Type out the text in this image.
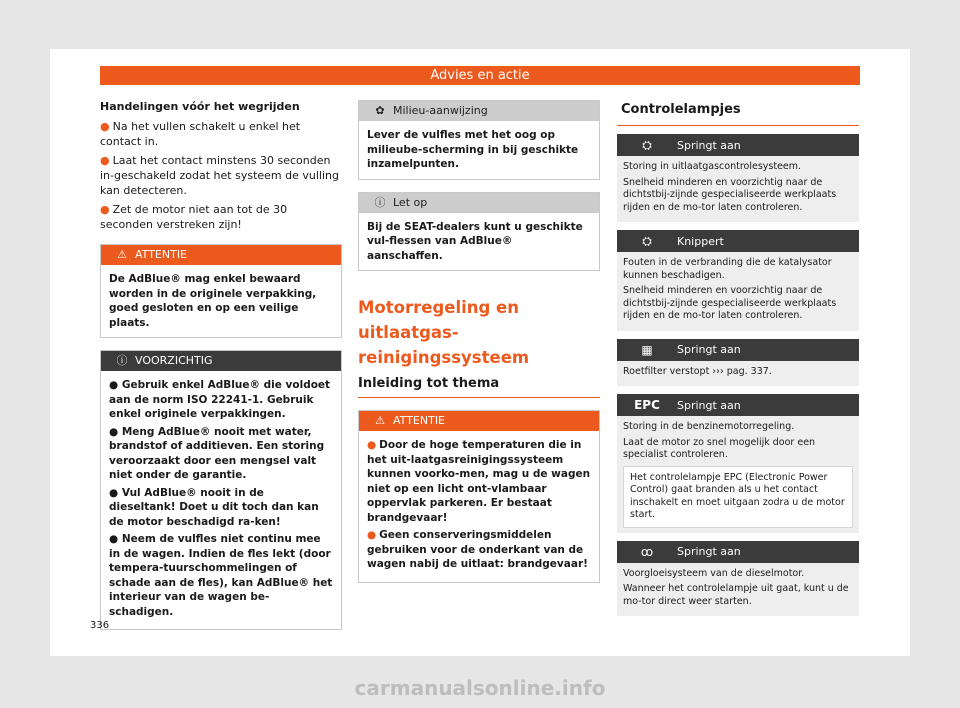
Advies en actie
Handelingen vóór het wegrijden

● Na het vullen schakelt u enkel het contact in.

● Laat het contact minstens 30 seconden in-geschakeld zodat het systeem de vulling kan detecteren.

● Zet de motor niet aan tot de 30 seconden verstreken zijn!

⚠ ATTENTIE
De AdBlue® mag enkel bewaard worden in de originele verpakking, goed gesloten en op een veilige plaats.
ⓘ VOORZICHTIG

● Gebruik enkel AdBlue® die voldoet aan de norm ISO 22241-1. Gebruik enkel originele verpakkingen.

● Meng AdBlue® nooit met water, brandstof of additieven. Een storing veroorzaakt door een mengsel valt niet onder de garantie.

● Vul AdBlue® nooit in de dieseltank! Doet u dit toch dan kan de motor beschadigd ra-ken!

● Neem de vulfles niet continu mee in de wagen. Indien de fles lekt (door tempera-tuurschommelingen of schade aan de fles), kan AdBlue® het interieur van de wagen be-schadigen.

✿ Milieu-aanwijzing
Lever de vulfles met het oog op milieube-scherming in bij geschikte inzamelpunten.
ⓘ Let op
Bij de SEAT-dealers kunt u geschikte vul-flessen van AdBlue® aanschaffen.
Motorregeling en uitlaatgas-reinigingssysteem
Inleiding tot thema
⚠ ATTENTIE

● Door de hoge temperaturen die in het uit-laatgasreinigingssysteem kunnen voorko-men, mag u de wagen niet op een licht ont-vlambaar oppervlak parkeren. Er bestaat brandgevaar!

● Geen conserveringsmiddelen gebruiken voor de onderkant van de wagen nabij de uitlaat: brandgevaar!

Controlelampjes
⛭	Springt aan

Storing in uitlaatgascontrolesysteem.

Snelheid minderen en voorzichtig naar de dichtstbij-zijnde gespecialiseerde werkplaats rijden en de mo-tor laten controleren.

⛭	Knippert

Fouten in de verbranding die de katalysator kunnen beschadigen.

Snelheid minderen en voorzichtig naar de dichtstbij-zijnde gespecialiseerde werkplaats rijden en de mo-tor laten controleren.

▦	Springt aan

Roetfilter verstopt ››› pag. 337.

EPC	Springt aan

Storing in de benzinemotorregeling.

Laat de motor zo snel mogelijk door een specialist controleren.

Het controlelampje EPC (Electronic Power Control) gaat branden als u het contact inschakelt en moet uitgaan zodra u de motor start.
ꝏ	Springt aan

Voorgloeisysteem van de dieselmotor.

Wanneer het controlelampje uit gaat, kunt u de mo-tor direct weer starten.

336
carmanualsonline.info
